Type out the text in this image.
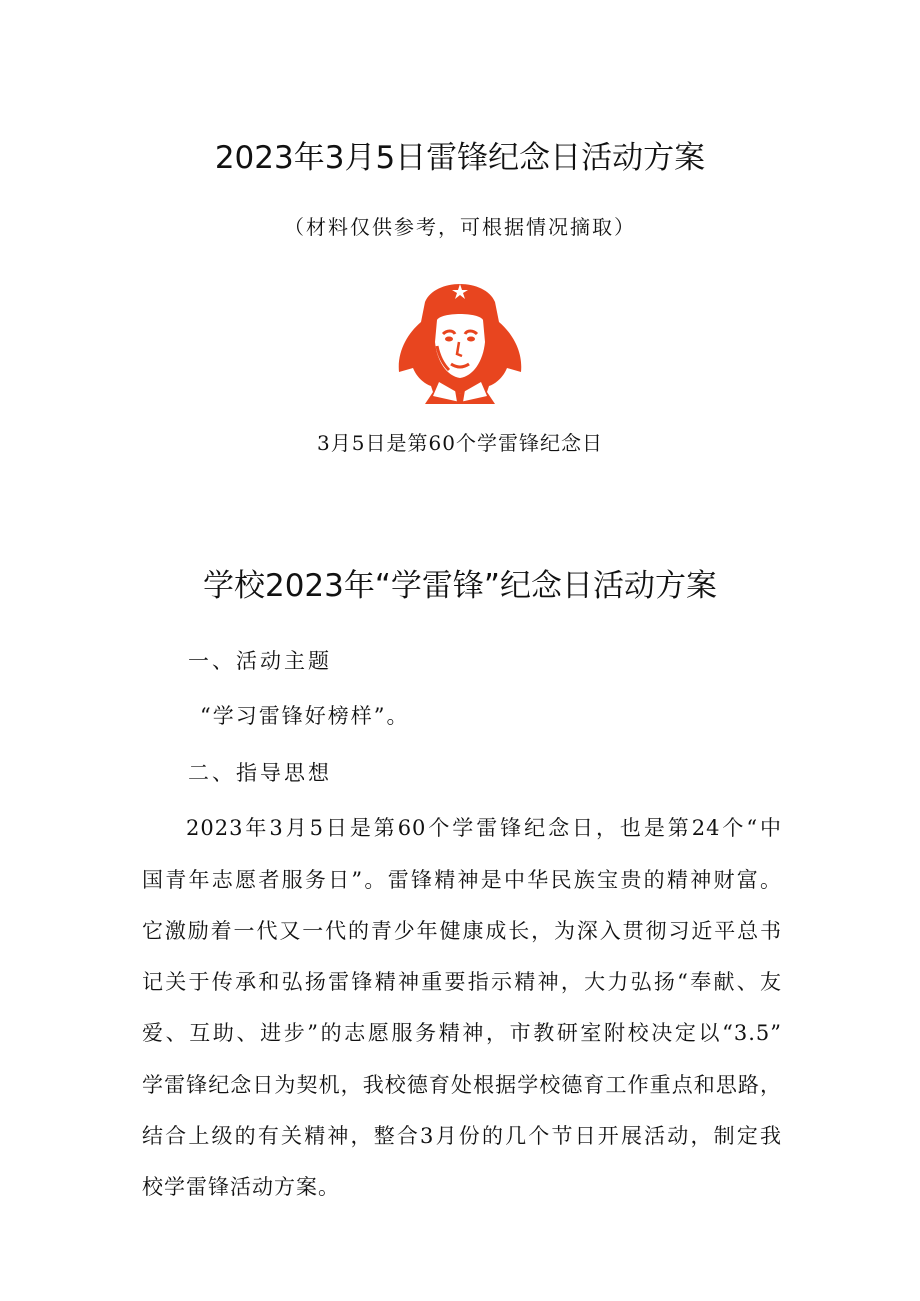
2023年3月5日雷锋纪念日活动方案
（材料仅供参考，可根据情况摘取）
3月5日是第60个学雷锋纪念日
学校2023年“学雷锋”纪念日活动方案
一、活动主题
“学习雷锋好榜样”。
二、指导思想
2023年3月5日是第60个学雷锋纪念日，也是第24个“中
国青年志愿者服务日”。雷锋精神是中华民族宝贵的精神财富。
它激励着一代又一代的青少年健康成长，为深入贯彻习近平总书
记关于传承和弘扬雷锋精神重要指示精神，大力弘扬“奉献、友
爱、互助、进步”的志愿服务精神，市教研室附校决定以“3.5”
学雷锋纪念日为契机，我校德育处根据学校德育工作重点和思路，
结合上级的有关精神，整合3月份的几个节日开展活动，制定我
校学雷锋活动方案。
